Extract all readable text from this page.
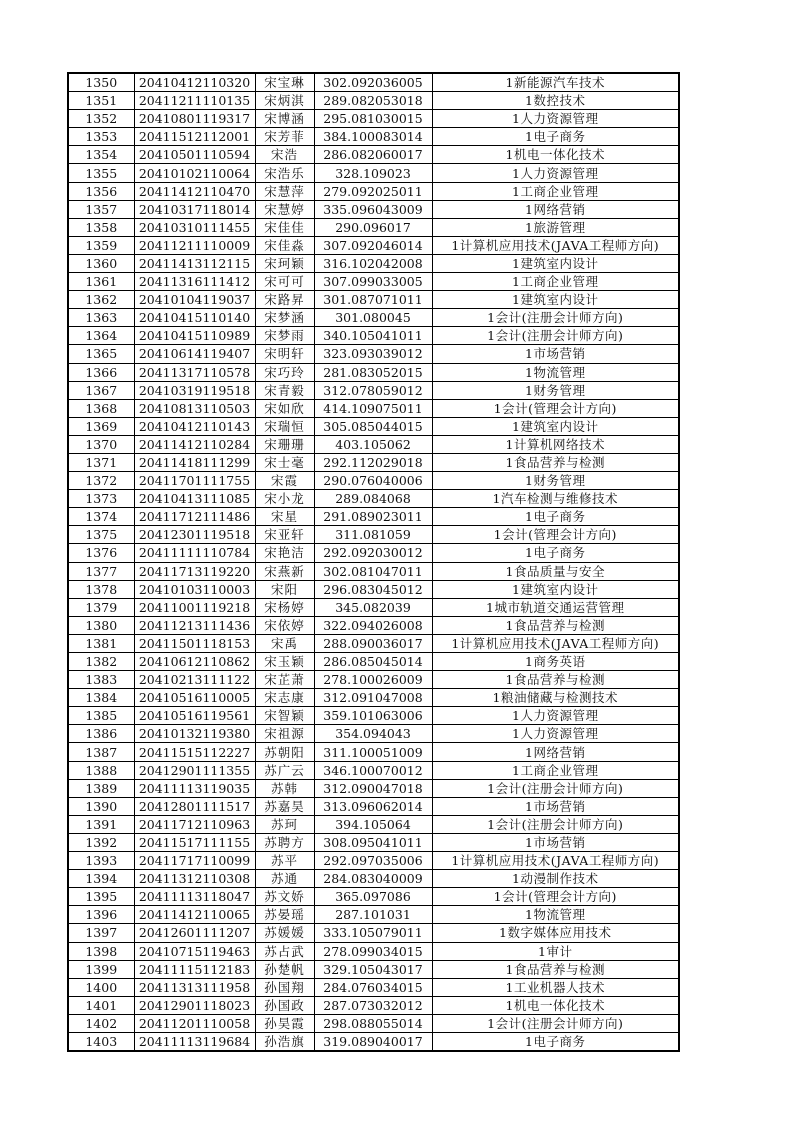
1350	20410412110320	宋宝琳	302.092036005	1新能源汽车技术
1351	20411211110135	宋炳淇	289.082053018	1数控技术
1352	20410801119317	宋博涵	295.081030015	1人力资源管理
1353	20411512112001	宋芳菲	384.100083014	1电子商务
1354	20410501110594	宋浩	286.082060017	1机电一体化技术
1355	20410102110064	宋浩乐	328.109023	1人力资源管理
1356	20411412110470	宋慧萍	279.092025011	1工商企业管理
1357	20410317118014	宋慧婷	335.096043009	1网络营销
1358	20410310111455	宋佳佳	290.096017	1旅游管理
1359	20411211110009	宋佳淼	307.092046014	1计算机应用技术(JAVA工程师方向)
1360	20411413112115	宋珂颖	316.102042008	1建筑室内设计
1361	20411316111412	宋可可	307.099033005	1工商企业管理
1362	20410104119037	宋路昇	301.087071011	1建筑室内设计
1363	20410415110140	宋梦涵	301.080045	1会计(注册会计师方向)
1364	20410415110989	宋梦雨	340.105041011	1会计(注册会计师方向)
1365	20410614119407	宋明轩	323.093039012	1市场营销
1366	20411317110578	宋巧玲	281.083052015	1物流管理
1367	20410319119518	宋青毅	312.078059012	1财务管理
1368	20410813110503	宋如欣	414.109075011	1会计(管理会计方向)
1369	20410412110143	宋瑞恒	305.085044015	1建筑室内设计
1370	20411412110284	宋珊珊	403.105062	1计算机网络技术
1371	20411418111299	宋士毫	292.112029018	1食品营养与检测
1372	20411701111755	宋霞	290.076040006	1财务管理
1373	20410413111085	宋小龙	289.084068	1汽车检测与维修技术
1374	20411712111486	宋星	291.089023011	1电子商务
1375	20412301119518	宋亚轩	311.081059	1会计(管理会计方向)
1376	20411111110784	宋艳洁	292.092030012	1电子商务
1377	20411713119220	宋燕新	302.081047011	1食品质量与安全
1378	20410103110003	宋阳	296.083045012	1建筑室内设计
1379	20411001119218	宋杨婷	345.082039	1城市轨道交通运营管理
1380	20411213111436	宋依婷	322.094026008	1食品营养与检测
1381	20411501118153	宋禹	288.090036017	1计算机应用技术(JAVA工程师方向)
1382	20410612110862	宋玉颖	286.085045014	1商务英语
1383	20410213111122	宋芷萧	278.100026009	1食品营养与检测
1384	20410516110005	宋志康	312.091047008	1粮油储藏与检测技术
1385	20410516119561	宋智颖	359.101063006	1人力资源管理
1386	20410132119380	宋祖源	354.094043	1人力资源管理
1387	20411515112227	苏朝阳	311.100051009	1网络营销
1388	20412901111355	苏广云	346.100070012	1工商企业管理
1389	20411113119035	苏韩	312.090047018	1会计(注册会计师方向)
1390	20412801111517	苏嘉昊	313.096062014	1市场营销
1391	20411712110963	苏珂	394.105064	1会计(注册会计师方向)
1392	20411517111155	苏聘方	308.095041011	1市场营销
1393	20411717110099	苏平	292.097035006	1计算机应用技术(JAVA工程师方向)
1394	20411312110308	苏通	284.083040009	1动漫制作技术
1395	20411113118047	苏文娇	365.097086	1会计(管理会计方向)
1396	20411412110065	苏晏瑶	287.101031	1物流管理
1397	20412601111207	苏媛媛	333.105079011	1数字媒体应用技术
1398	20410715119463	苏占武	278.099034015	1审计
1399	20411115112183	孙楚帆	329.105043017	1食品营养与检测
1400	20411313111958	孙国翔	284.076034015	1工业机器人技术
1401	20412901118023	孙国政	287.073032012	1机电一体化技术
1402	20411201110058	孙昊霞	298.088055014	1会计(注册会计师方向)
1403	20411113119684	孙浩旗	319.089040017	1电子商务
